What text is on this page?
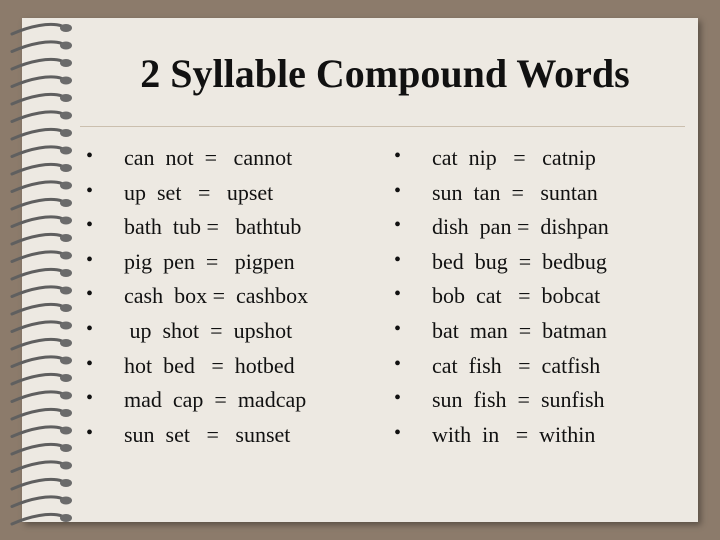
2 Syllable Compound Words
• can  not  =   cannot
• up  set   =   upset
• bath  tub =   bathtub
• pig  pen  =   pigpen
• cash  box =  cashbox
• up  shot  =  upshot
• hot  bed   =  hotbed
• mad  cap  =  madcap
• sun  set   =   sunset
• cat  nip   =   catnip
• sun  tan  =   suntan
• dish  pan =  dishpan
• bed  bug  =  bedbug
• bob  cat   =  bobcat
• bat  man  =  batman
• cat  fish   =  catfish
• sun  fish  =  sunfish
• with  in   =  within
